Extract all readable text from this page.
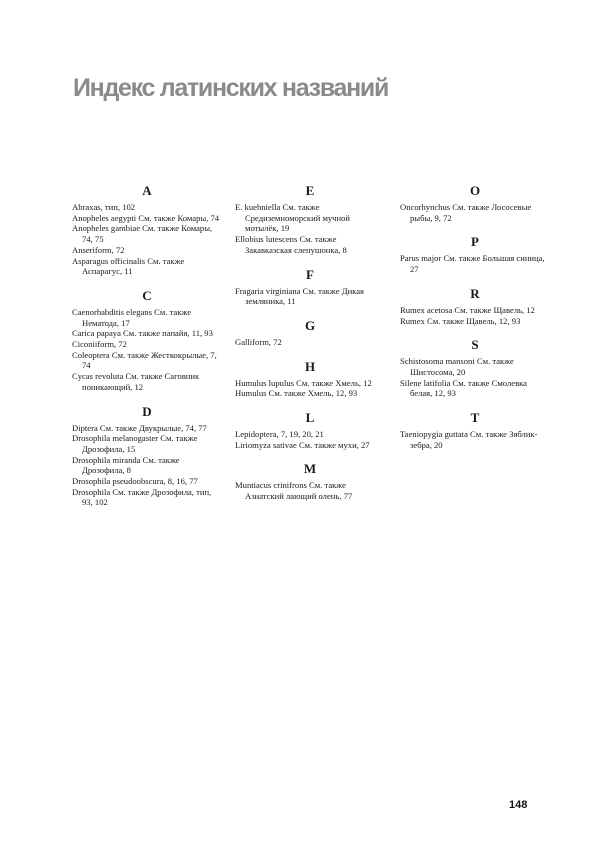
Индекс латинских названий
A

Abraxas, тип, 102

Anopheles aegypti См. также Комары, 74

Anopheles gambiae См. также Комары, 74, 75

Anseriform, 72

Asparagus officinalis См. также Аспарагус, 11

C

Caenorhabditis elegans См. также Нематода, 17

Carica papaya См. также папайя, 11, 93

Ciconiiform, 72

Coleoptera См. также Жесткокрылые, 7, 74

Cycas revoluta См. также Саговник поникающий, 12

D

Diptera См. также Двукрылые, 74, 77

Drosophila melanogaster См. также Дрозофила, 15

Drosophila miranda См. также Дрозофила, 8

Drosophila pseudoobscura, 8, 16, 77

Drosophila См. также Дрозофила, тип, 93, 102

E

E. kuehniella См. также Средиземноморский мучной мотылёк, 19

Ellobius lutescens См. также Закавказская слепушонка, 8

F

Fragaria virginiana См. также Дикая земляника, 11

G

Galliform, 72

H

Humulus lupulus См. также Хмель, 12

Humulus См. также Хмель, 12, 93

L

Lepidoptera, 7, 19, 20, 21

Liriomyza sativae См. также мухи, 27

M

Muntiacus crinifrons См. также Азиатский лающий олень, 77

O

Oncorhynchus См. также Лососевые рыбы, 9, 72

P

Parus major См. также Большая синица, 27

R

Rumex acetosa См. также Щавель, 12

Rumex См. также Щавель, 12, 93

S

Schistosoma mansoni См. также Шистосома, 20

Silene latifolia См. также Смолевка белая, 12, 93

T

Taeniopygia guttata См. также Зяблик-зебра, 20

148
